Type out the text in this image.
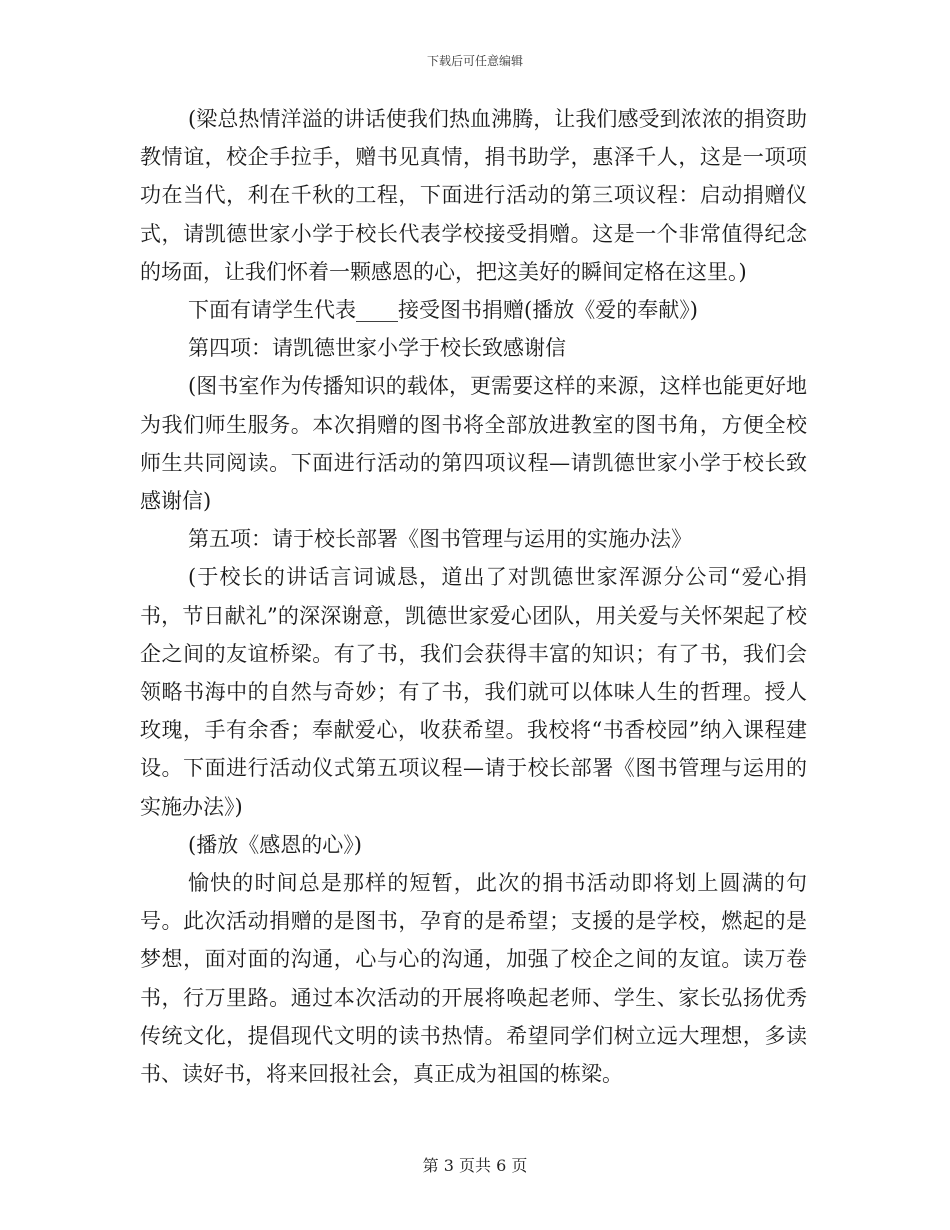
下载后可任意编辑

(梁总热情洋溢的讲话使我们热血沸腾，让我们感受到浓浓的捐资助教情谊，校企手拉手，赠书见真情，捐书助学，惠泽千人，这是一项项功在当代，利在千秋的工程，下面进行活动的第三项议程：启动捐赠仪式，请凯德世家小学于校长代表学校接受捐赠。这是一个非常值得纪念的场面，让我们怀着一颗感恩的心，把这美好的瞬间定格在这里。)

下面有请学生代表____接受图书捐赠(播放《爱的奉献》)

第四项：请凯德世家小学于校长致感谢信

(图书室作为传播知识的载体，更需要这样的来源，这样也能更好地为我们师生服务。本次捐赠的图书将全部放进教室的图书角，方便全校师生共同阅读。下面进行活动的第四项议程—请凯德世家小学于校长致感谢信)

第五项：请于校长部署《图书管理与运用的实施办法》

(于校长的讲话言词诚恳，道出了对凯德世家浑源分公司“爱心捐书，节日献礼”的深深谢意，凯德世家爱心团队，用关爱与关怀架起了校企之间的友谊桥梁。有了书，我们会获得丰富的知识；有了书，我们会领略书海中的自然与奇妙；有了书，我们就可以体味人生的哲理。授人玫瑰，手有余香；奉献爱心，收获希望。我校将“书香校园”纳入课程建设。下面进行活动仪式第五项议程—请于校长部署《图书管理与运用的实施办法》)

(播放《感恩的心》)

愉快的时间总是那样的短暂，此次的捐书活动即将划上圆满的句号。此次活动捐赠的是图书，孕育的是希望；支援的是学校，燃起的是梦想，面对面的沟通，心与心的沟通，加强了校企之间的友谊。读万卷书，行万里路。通过本次活动的开展将唤起老师、学生、家长弘扬优秀传统文化，提倡现代文明的读书热情。希望同学们树立远大理想，多读书、读好书，将来回报社会，真正成为祖国的栋梁。

第 3 页共 6 页
